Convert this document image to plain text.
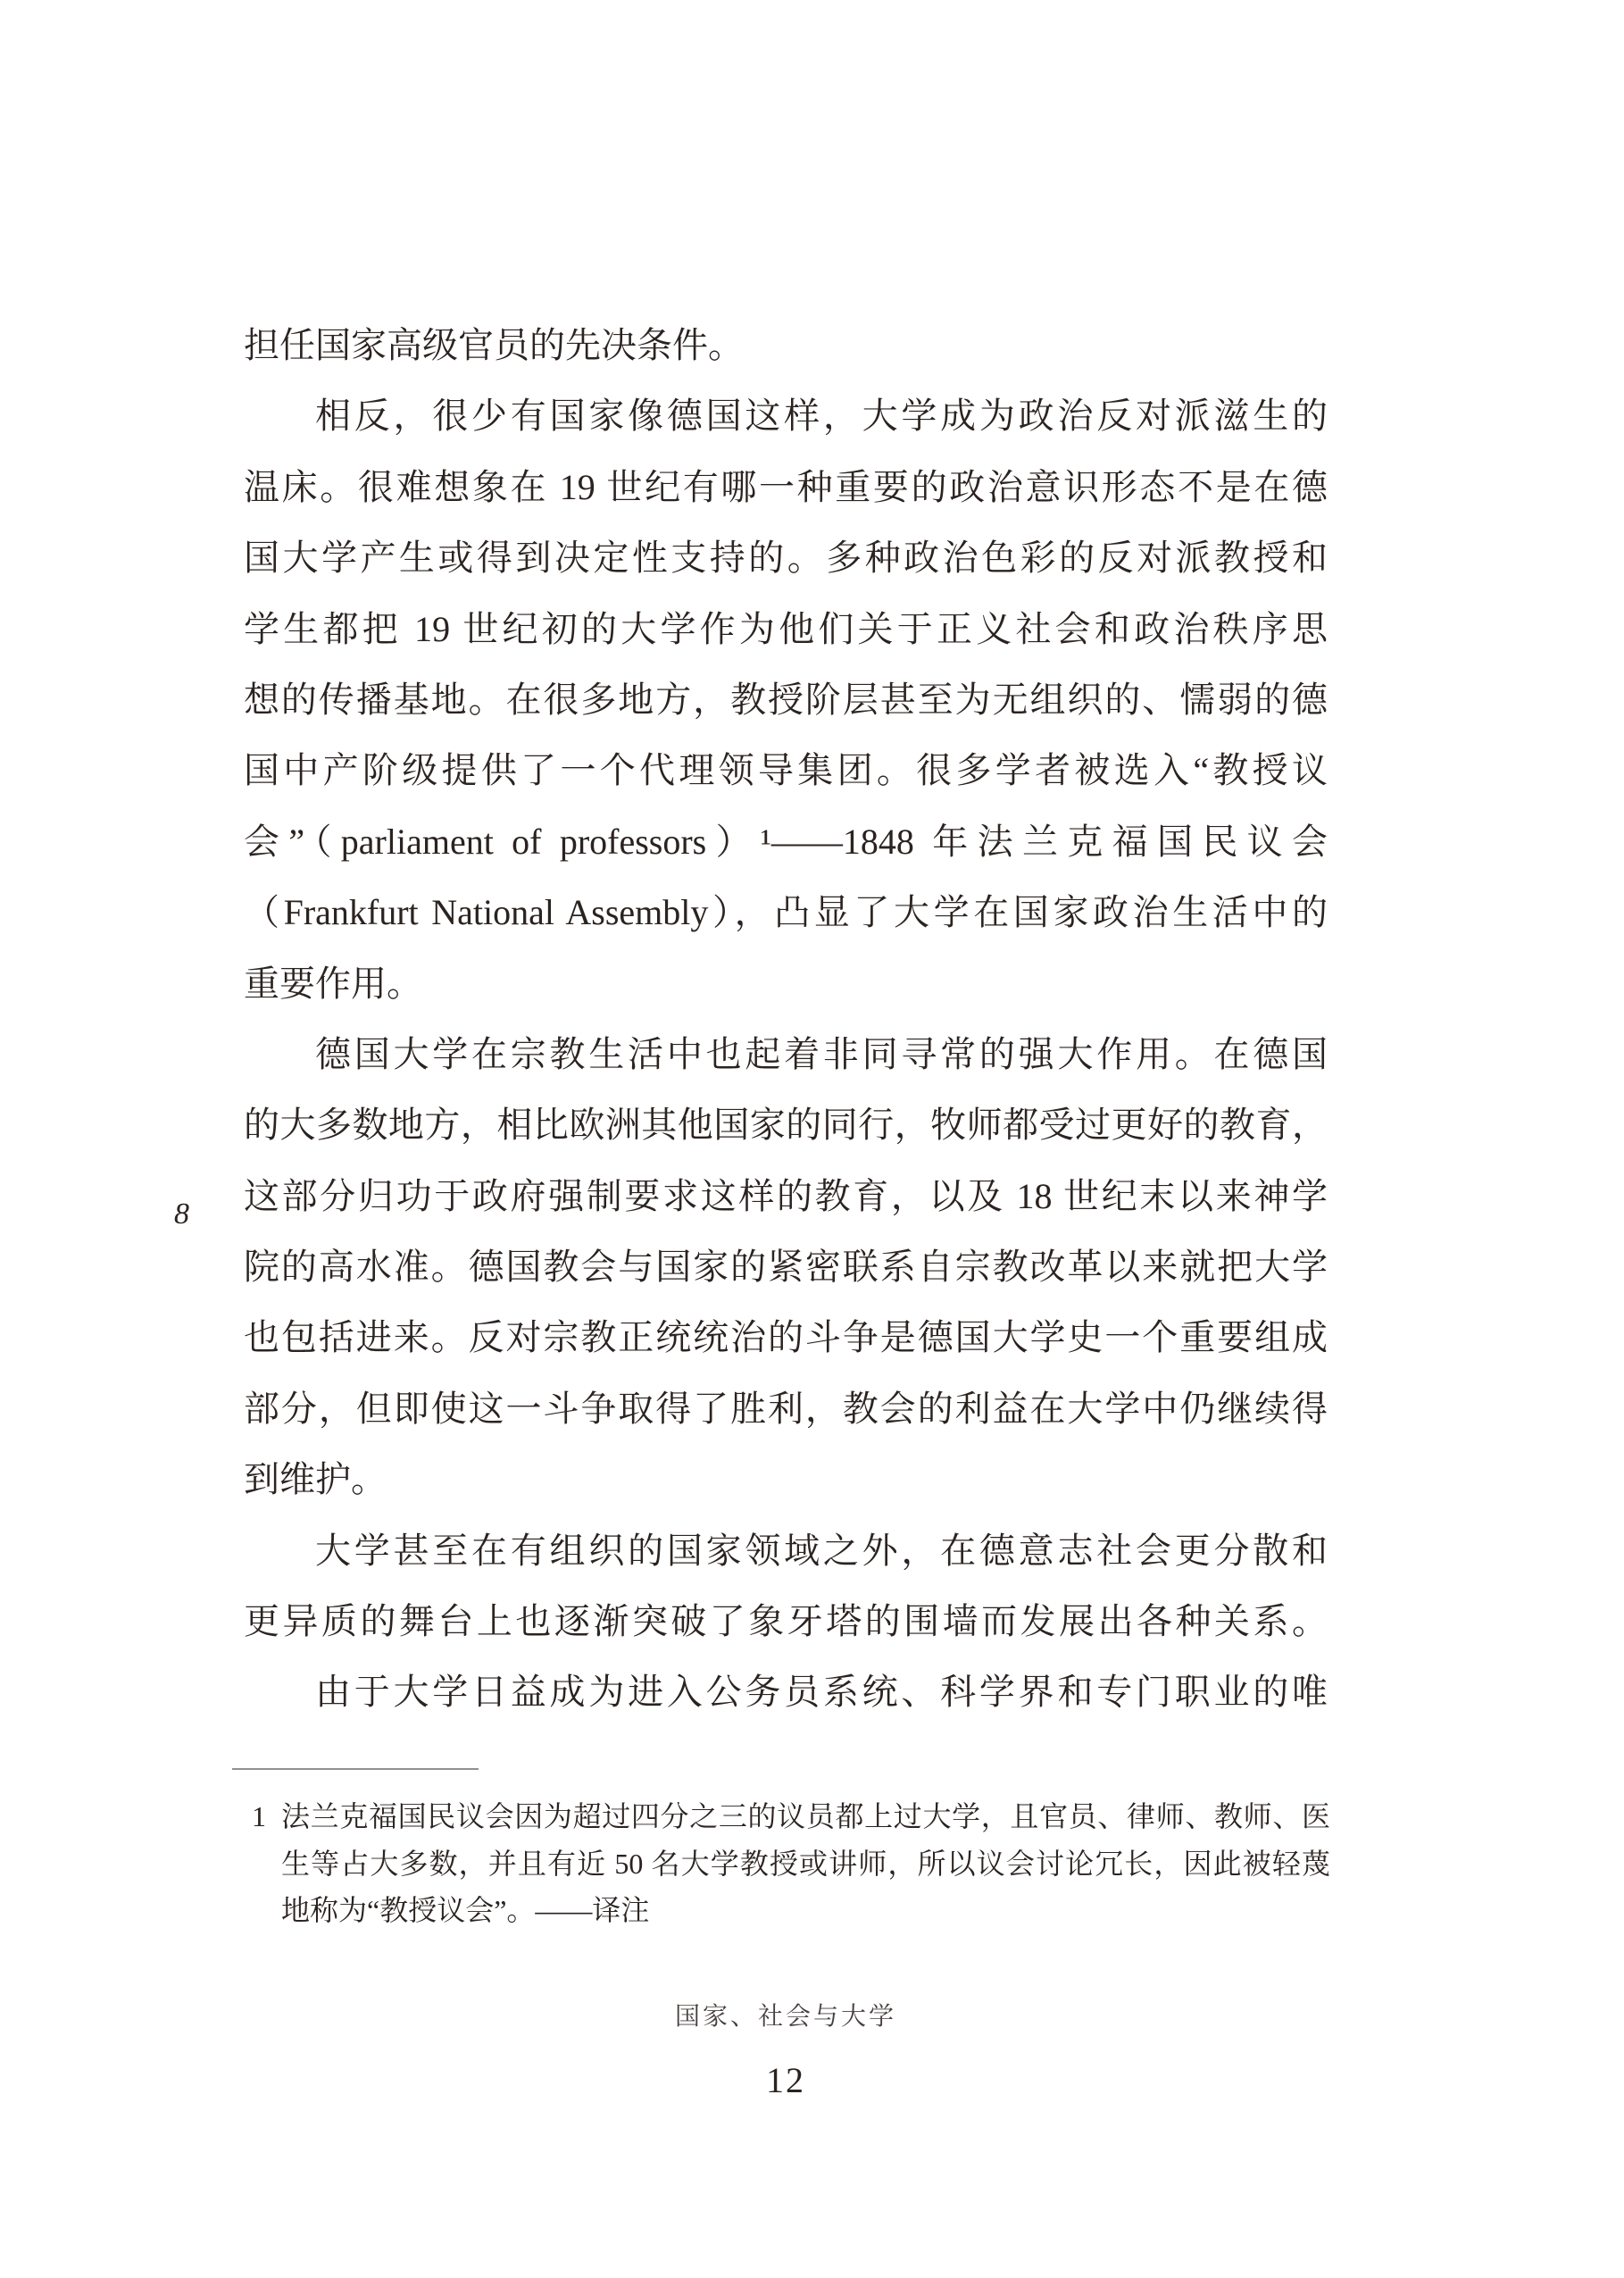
8
担任国家高级官员的先决条件。
相反，很少有国家像德国这样，大学成为政治反对派滋生的
温床。很难想象在 19 世纪有哪一种重要的政治意识形态不是在德
国大学产生或得到决定性支持的。多种政治色彩的反对派教授和
学生都把 19 世纪初的大学作为他们关于正义社会和政治秩序思
想的传播基地。在很多地方，教授阶层甚至为无组织的、懦弱的德
国中产阶级提供了一个代理领导集团。很多学者被选入“教授议
会”（parliament of professors）¹——1848 年法兰克福国民议会
（Frankfurt National Assembly），凸显了大学在国家政治生活中的
重要作用。
德国大学在宗教生活中也起着非同寻常的强大作用。在德国
的大多数地方，相比欧洲其他国家的同行，牧师都受过更好的教育，
这部分归功于政府强制要求这样的教育，以及 18 世纪末以来神学
院的高水准。德国教会与国家的紧密联系自宗教改革以来就把大学
也包括进来。反对宗教正统统治的斗争是德国大学史一个重要组成
部分，但即使这一斗争取得了胜利，教会的利益在大学中仍继续得
到维护。
大学甚至在有组织的国家领域之外，在德意志社会更分散和
更异质的舞台上也逐渐突破了象牙塔的围墙而发展出各种关系。
由于大学日益成为进入公务员系统、科学界和专门职业的唯
1 法兰克福国民议会因为超过四分之三的议员都上过大学，且官员、律师、教师、医
生等占大多数，并且有近 50 名大学教授或讲师，所以议会讨论冗长，因此被轻蔑
地称为“教授议会”。——译注
国家、社会与大学
12
